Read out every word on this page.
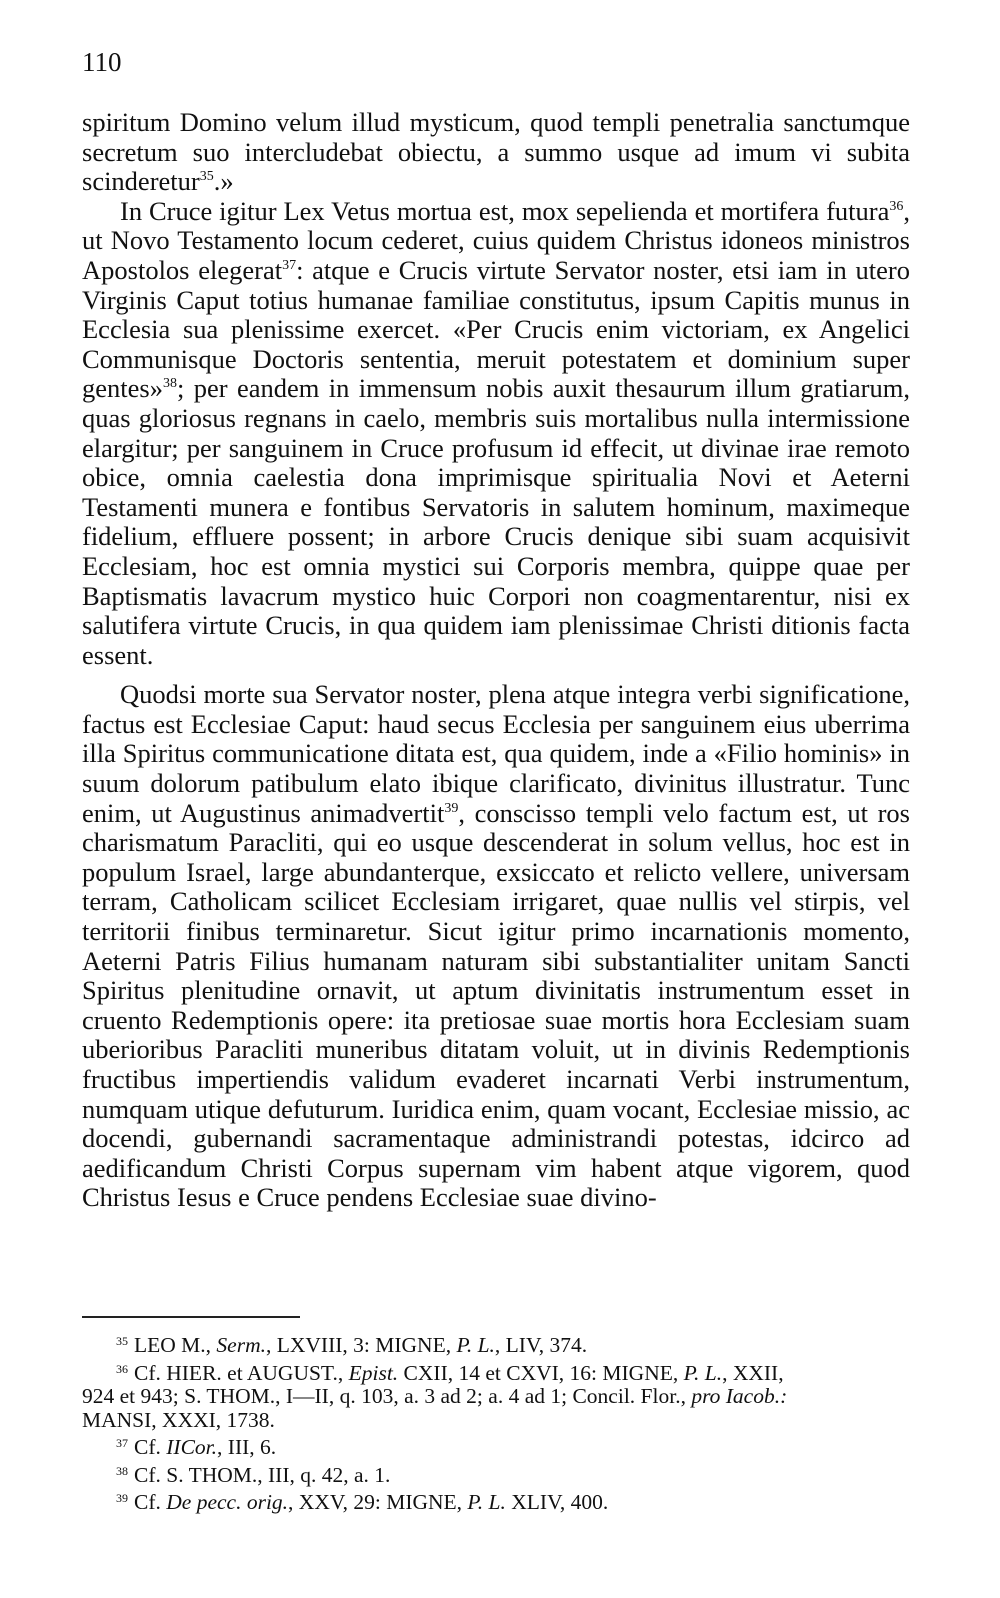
110

spiritum Domino velum illud mysticum, quod templi penetralia sanctumque secretum suo intercludebat obiectu, a summo usque ad imum vi subita scinderetur$^{35}$.»

In Cruce igitur Lex Vetus mortua est, mox sepelienda et mortifera futura$^{36}$, ut Novo Testamento locum cederet, cuius quidem Christus idoneos ministros Apostolos elegerat$^{37}$: atque e Crucis virtute Servator noster, etsi iam in utero Virginis Caput totius humanae familiae constitutus, ipsum Capitis munus in Ecclesia sua plenissime exercet. «Per Crucis enim victoriam, ex Angelici Communisque Doctoris sententia, meruit potestatem et dominium super gentes»$^{38}$; per eandem in immensum nobis auxit thesaurum illum gratiarum, quas gloriosus regnans in caelo, membris suis mortalibus nulla intermissione elargitur; per sanguinem in Cruce profusum id effecit, ut divinae irae remoto obice, omnia caelestia dona imprimisque spiritualia Novi et Aeterni Testamenti munera e fontibus Servatoris in salutem hominum, maximeque fidelium, effluere possent; in arbore Crucis denique sibi suam acquisivit Ecclesiam, hoc est omnia mystici sui Corporis membra, quippe quae per Baptismatis lavacrum mystico huic Corpori non coagmentarentur, nisi ex salutifera virtute Crucis, in qua quidem iam plenissimae Christi ditionis facta essent.

Quodsi morte sua Servator noster, plena atque integra verbi significatione, factus est Ecclesiae Caput: haud secus Ecclesia per sanguinem eius uberrima illa Spiritus communicatione ditata est, qua quidem, inde a «Filio hominis» in suum dolorum patibulum elato ibique clarificato, divinitus illustratur. Tunc enim, ut Augustinus animadvertit$^{39}$, conscisso templi velo factum est, ut ros charismatum Paracliti, qui eo usque descenderat in solum vellus, hoc est in populum Israel, large abundanterque, exsiccato et relicto vellere, universam terram, Catholicam scilicet Ecclesiam irrigaret, quae nullis vel stirpis, vel territorii finibus terminaretur. Sicut igitur primo incarnationis momento, Aeterni Patris Filius humanam naturam sibi substantialiter unitam Sancti Spiritus plenitudine ornavit, ut aptum divinitatis instrumentum esset in cruento Redemptionis opere: ita pretiosae suae mortis hora Ecclesiam suam uberioribus Paracliti muneribus ditatam voluit, ut in divinis Redemptionis fructibus impertiendis validum evaderet incarnati Verbi instrumentum, numquam utique defuturum. Iuridica enim, quam vocant, Ecclesiae missio, ac docendi, gubernandi sacramentaque administrandi potestas, idcirco ad aedificandum Christi Corpus supernam vim habent atque vigorem, quod Christus Iesus e Cruce pendens Ecclesiae suae divino-

$^{35}$ LEO M., Serm., LXVIII, 3: MIGNE, P. L., LIV, 374.
$^{36}$ Cf. HIER. et AUGUST., Epist. CXII, 14 et CXVI, 16: MIGNE, P. L., XXII,
924 et 943; S. THOM., I—II, q. 103, a. 3 ad 2; a. 4 ad 1; Concil. Flor., pro Iacob.:
MANSI, XXXI, 1738.
$^{37}$ Cf. IICor., III, 6.
$^{38}$ Cf. S. THOM., III, q. 42, a. 1.
$^{39}$ Cf. De pecc. orig., XXV, 29: MIGNE, P. L. XLIV, 400.
